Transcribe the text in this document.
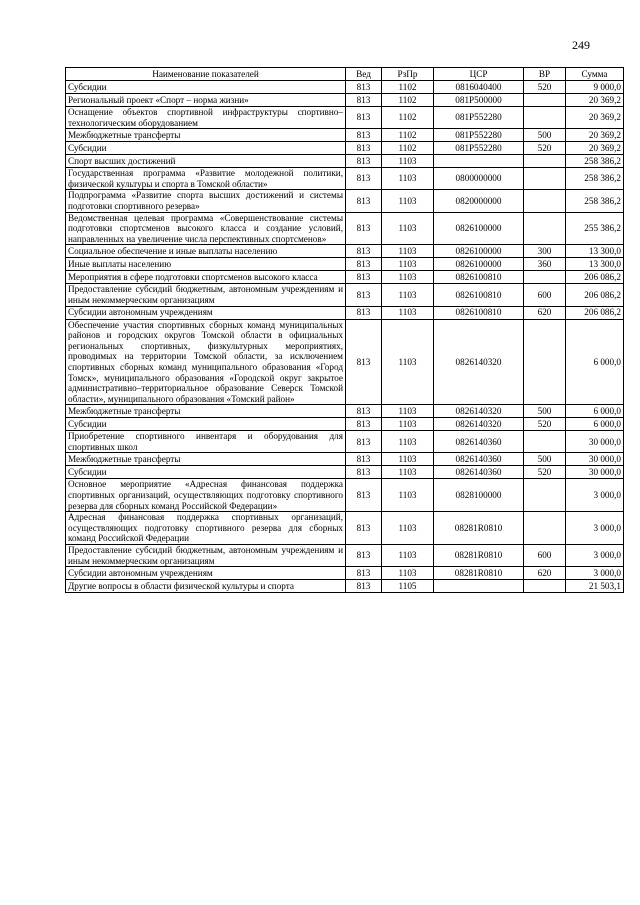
249
Наименование показателей	Вед	РзПр	ЦСР	ВР	Сумма
Субсидии	813	1102	0816040400	520	9 000,0
Региональный проект «Спорт – норма жизни»	813	1102	081P500000		20 369,2
Оснащение объектов спортивной инфраструктуры спортивно–технологическим оборудованием	813	1102	081P552280		20 369,2
Межбюджетные трансферты	813	1102	081P552280	500	20 369,2
Субсидии	813	1102	081P552280	520	20 369,2
Спорт высших достижений	813	1103			258 386,2
Государственная программа «Развитие молодежной политики, физической культуры и спорта в Томской области»	813	1103	0800000000		258 386,2
Подпрограмма «Развитие спорта высших достижений и системы подготовки спортивного резерва»	813	1103	0820000000		258 386,2
Ведомственная целевая программа «Совершенствование системы подготовки спортсменов высокого класса и создание условий, направленных на увеличение числа перспективных спортсменов»	813	1103	0826100000		255 386,2
Социальное обеспечение и иные выплаты населению	813	1103	0826100000	300	13 300,0
Иные выплаты населению	813	1103	0826100000	360	13 300,0
Мероприятия в сфере подготовки спортсменов высокого класса	813	1103	0826100810		206 086,2
Предоставление субсидий бюджетным, автономным учреждениям и иным некоммерческим организациям	813	1103	0826100810	600	206 086,2
Субсидии автономным учреждениям	813	1103	0826100810	620	206 086,2
Обеспечение участия спортивных сборных команд муниципальных районов и городских округов Томской области в официальных региональных спортивных, физкультурных мероприятиях, проводимых на территории Томской области, за исключением спортивных сборных команд муниципального образования «Город Томск», муниципального образования «Городской округ закрытое административно–территориальное образование Северск Томской области», муниципального образования «Томский район»	813	1103	0826140320		6 000,0
Межбюджетные трансферты	813	1103	0826140320	500	6 000,0
Субсидии	813	1103	0826140320	520	6 000,0
Приобретение спортивного инвентаря и оборудования для спортивных школ	813	1103	0826140360		30 000,0
Межбюджетные трансферты	813	1103	0826140360	500	30 000,0
Субсидии	813	1103	0826140360	520	30 000,0
Основное мероприятие «Адресная финансовая поддержка спортивных организаций, осуществляющих подготовку спортивного резерва для сборных команд Российской Федерации»	813	1103	0828100000		3 000,0
Адресная финансовая поддержка спортивных организаций, осуществляющих подготовку спортивного резерва для сборных команд Российской Федерации	813	1103	08281R0810		3 000,0
Предоставление субсидий бюджетным, автономным учреждениям и иным некоммерческим организациям	813	1103	08281R0810	600	3 000,0
Субсидии автономным учреждениям	813	1103	08281R0810	620	3 000,0
Другие вопросы в области физической культуры и спорта	813	1105			21 503,1
